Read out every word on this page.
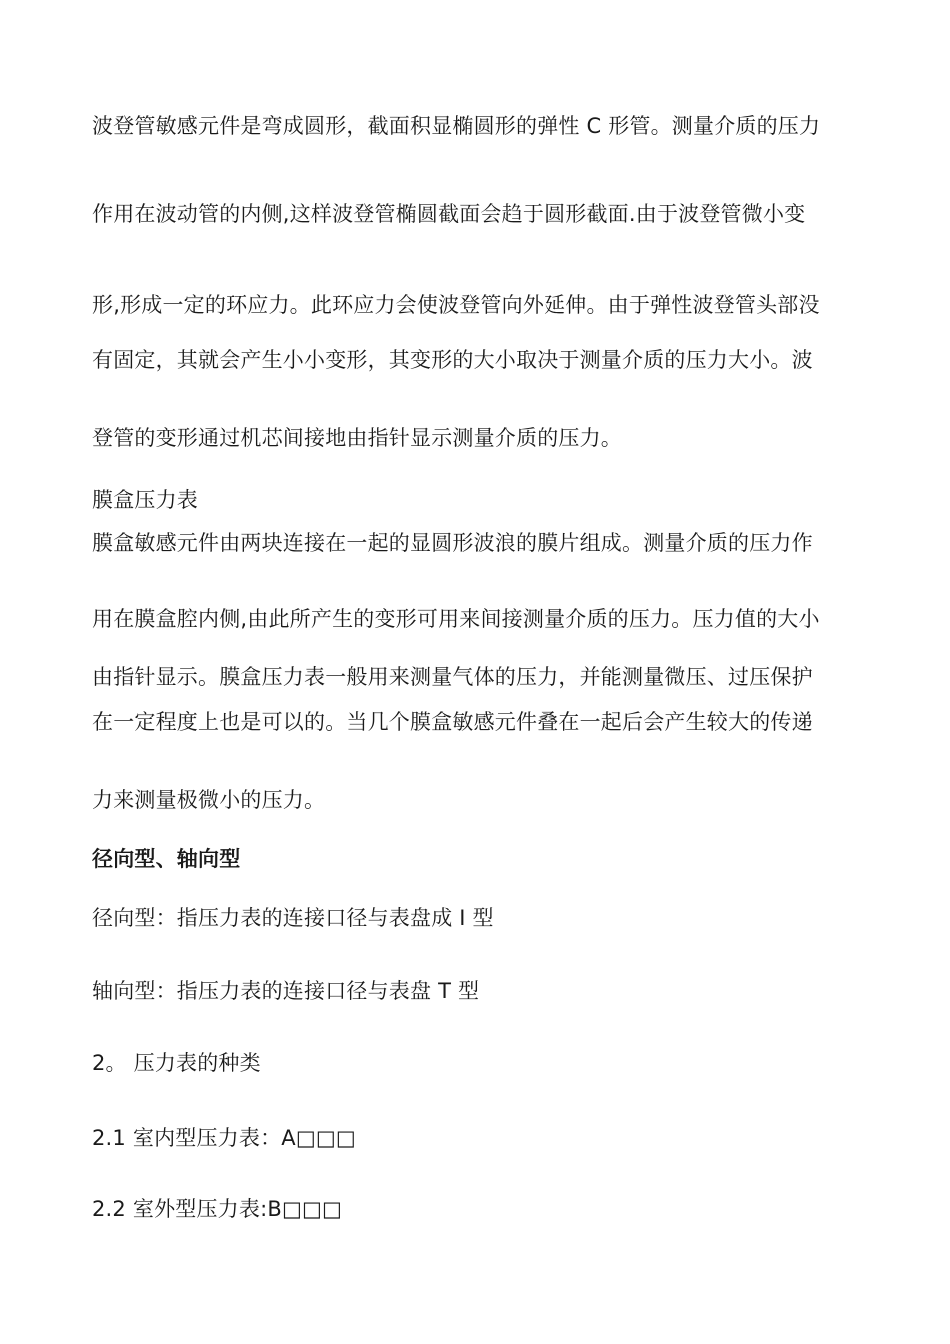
波登管敏感元件是弯成圆形，截面积显椭圆形的弹性 C 形管。测量介质的压力
作用在波动管的内侧,这样波登管椭圆截面会趋于圆形截面.由于波登管微小变
形,形成一定的环应力。此环应力会使波登管向外延伸。由于弹性波登管头部没
有固定，其就会产生小小变形，其变形的大小取决于测量介质的压力大小。波
登管的变形通过机芯间接地由指针显示测量介质的压力。
膜盒压力表
膜盒敏感元件由两块连接在一起的显圆形波浪的膜片组成。测量介质的压力作
用在膜盒腔内侧,由此所产生的变形可用来间接测量介质的压力。压力值的大小
由指针显示。膜盒压力表一般用来测量气体的压力，并能测量微压、过压保护
在一定程度上也是可以的。当几个膜盒敏感元件叠在一起后会产生较大的传递
力来测量极微小的压力。
径向型、轴向型
径向型：指压力表的连接口径与表盘成 I 型
轴向型：指压力表的连接口径与表盘 T 型
2。 压力表的种类
2.1 室内型压力表：A□□□
2.2 室外型压力表:B□□□
